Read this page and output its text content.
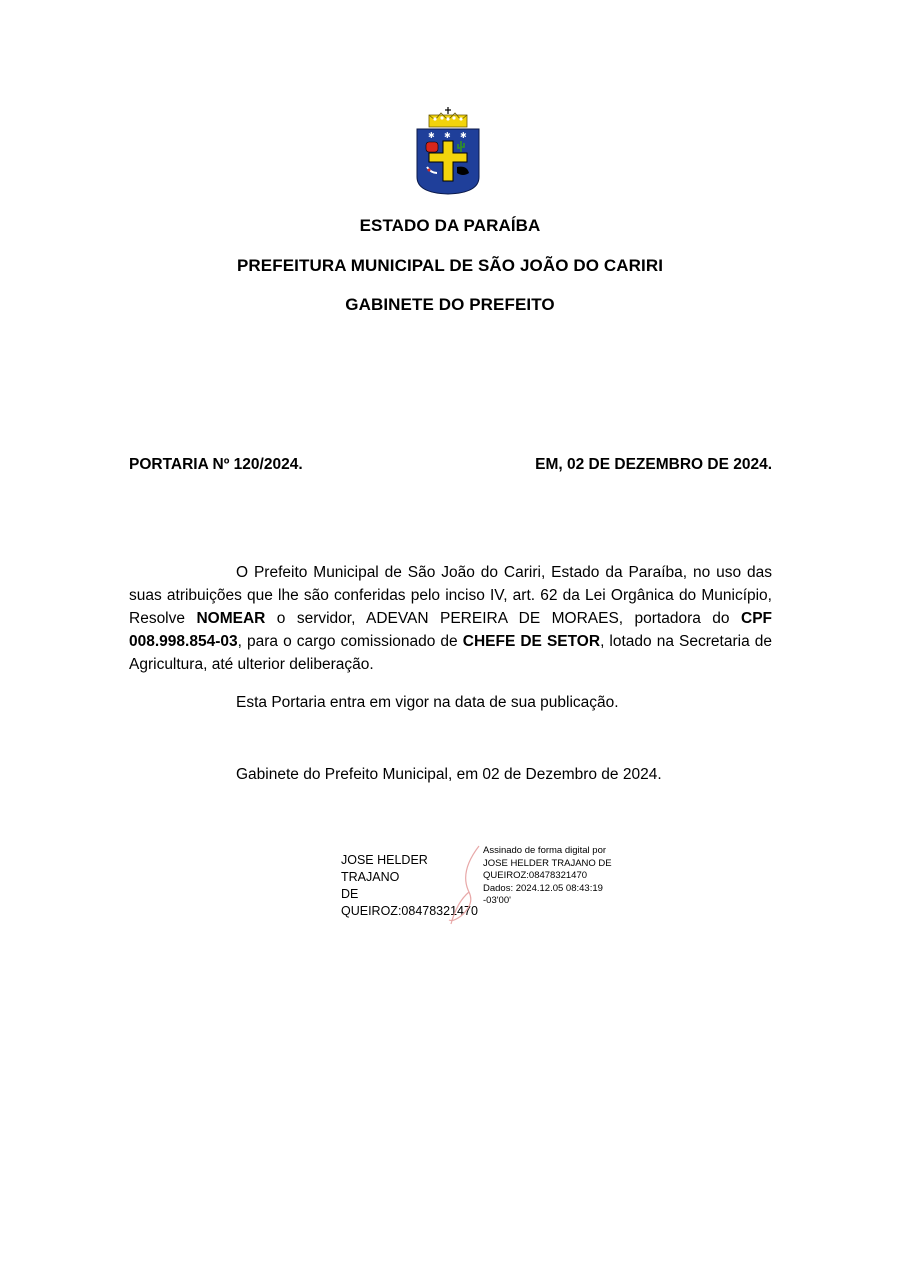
✱ ✱ ✱
ESTADO DA PARAÍBA
PREFEITURA MUNICIPAL DE SÃO JOÃO DO CARIRI
GABINETE DO PREFEITO
PORTARIA Nº 120/2024.	EM, 02 DE DEZEMBRO DE 2024.
O Prefeito Municipal de São João do Cariri, Estado da Paraíba, no uso das suas atribuições que lhe são conferidas pelo inciso IV, art. 62 da Lei Orgânica do Município, Resolve NOMEAR o servidor, ADEVAN PEREIRA DE MORAES, portadora do CPF 008.998.854-03, para o cargo comissionado de CHEFE DE SETOR, lotado na Secretaria de Agricultura, até ulterior deliberação.
Esta Portaria entra em vigor na data de sua publicação.
Gabinete do Prefeito Municipal, em 02 de Dezembro de 2024.
JOSE HELDER TRAJANO
DE
QUEIROZ:08478321470
Assinado de forma digital por
JOSE HELDER TRAJANO DE
QUEIROZ:08478321470
Dados: 2024.12.05 08:43:19
-03'00'
